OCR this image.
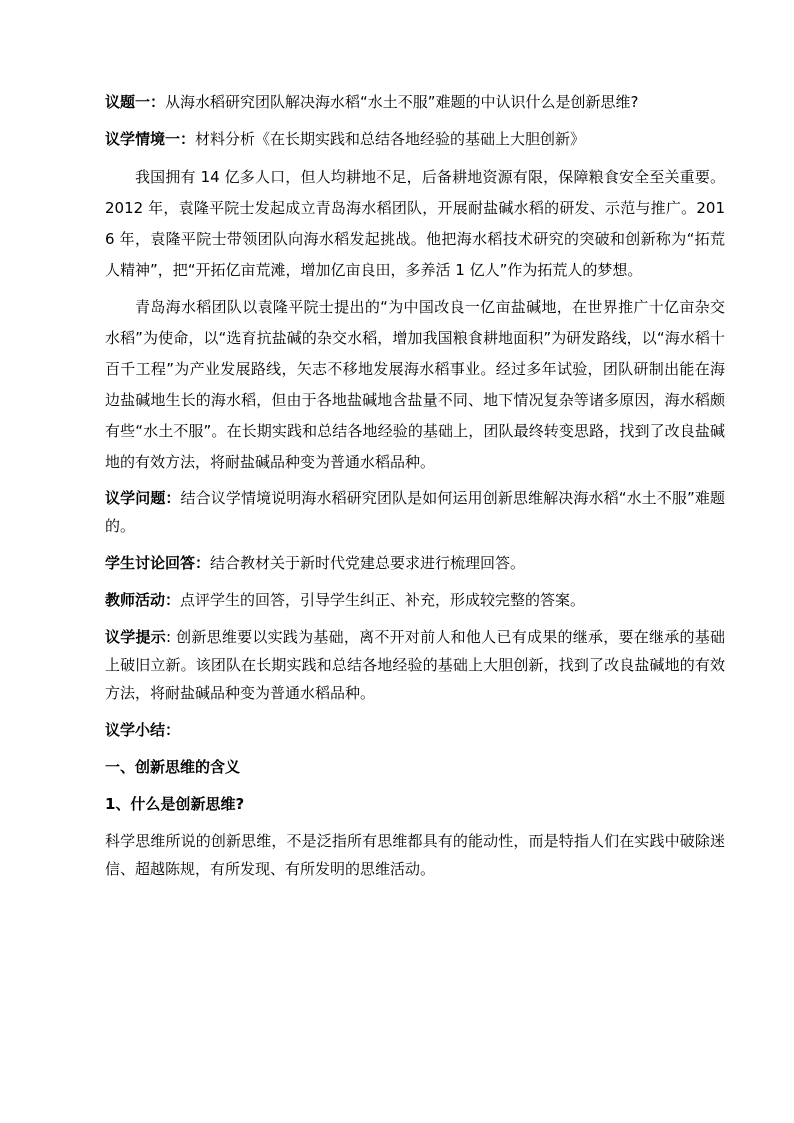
议题一：从海水稻研究团队解决海水稻“水土不服”难题的中认识什么是创新思维?

议学情境一：材料分析《在长期实践和总结各地经验的基础上大胆创新》

我国拥有 14 亿多人口，但人均耕地不足，后备耕地资源有限，保障粮食安全至关重要。2012 年，袁隆平院士发起成立青岛海水稻团队，开展耐盐碱水稻的研发、示范与推广。2016 年，袁隆平院士带领团队向海水稻发起挑战。他把海水稻技术研究的突破和创新称为“拓荒人精神”，把“开拓亿亩荒滩，增加亿亩良田，多养活 1 亿人”作为拓荒人的梦想。

青岛海水稻团队以袁隆平院士提出的“为中国改良一亿亩盐碱地，在世界推广十亿亩杂交水稻”为使命，以“选育抗盐碱的杂交水稻，增加我国粮食耕地面积”为研发路线，以“海水稻十百千工程”为产业发展路线，矢志不移地发展海水稻事业。经过多年试验，团队研制出能在海边盐碱地生长的海水稻，但由于各地盐碱地含盐量不同、地下情况复杂等诸多原因，海水稻颇有些“水土不服”。在长期实践和总结各地经验的基础上，团队最终转变思路，找到了改良盐碱地的有效方法，将耐盐碱品种变为普通水稻品种。

议学问题：结合议学情境说明海水稻研究团队是如何运用创新思维解决海水稻“水土不服”难题的。

学生讨论回答：结合教材关于新时代党建总要求进行梳理回答。

教师活动：点评学生的回答，引导学生纠正、补充，形成较完整的答案。

议学提示: 创新思维要以实践为基础，离不开对前人和他人已有成果的继承，要在继承的基础上破旧立新。该团队在长期实践和总结各地经验的基础上大胆创新，找到了改良盐碱地的有效方法，将耐盐碱品种变为普通水稻品种。

议学小结：

一、创新思维的含义

1、什么是创新思维?

科学思维所说的创新思维，不是泛指所有思维都具有的能动性，而是特指人们在实践中破除迷信、超越陈规，有所发现、有所发明的思维活动。
